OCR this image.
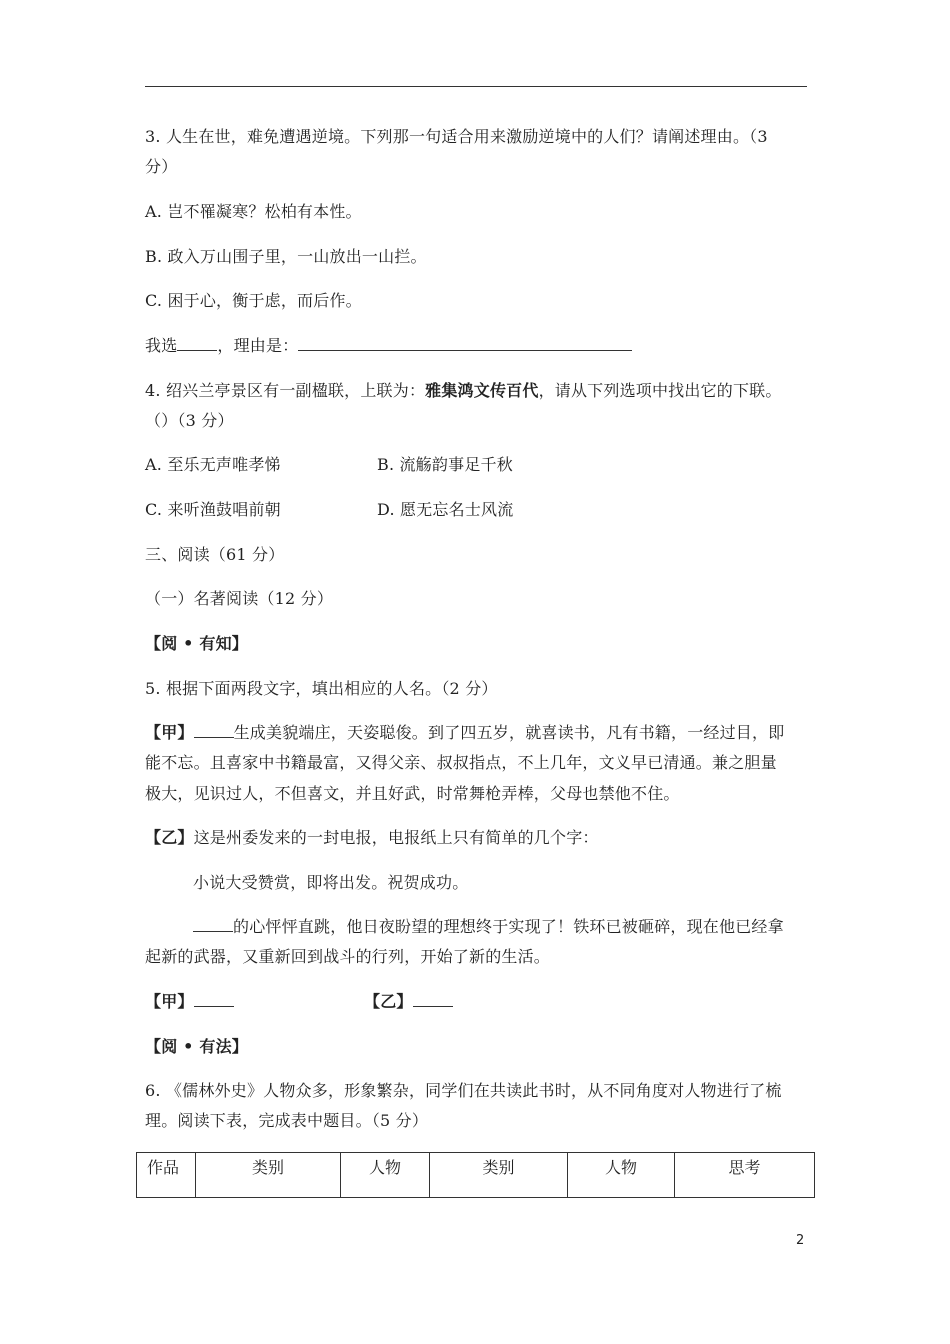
3. 人生在世，难免遭遇逆境。下列那一句适合用来激励逆境中的人们？请阐述理由。（3
分）
A. 岂不罹凝寒？松柏有本性。
B. 政入万山围子里，一山放出一山拦。
C. 困于心，衡于虑，而后作。
我选	，理由是：
4. 绍兴兰亭景区有一副楹联，上联为：雅集鸿文传百代，请从下列选项中找出它的下联。
（）（3 分）
A. 至乐无声唯孝悌	B. 流觞韵事足千秋
C. 来听渔鼓唱前朝	D. 愿无忘名士风流
三、阅读（61 分）
（一）名著阅读（12 分）
【阅 • 有知】
5. 根据下面两段文字，填出相应的人名。（2 分）
【甲】	生成美貌端庄，天姿聪俊。到了四五岁，就喜读书，凡有书籍，一经过目，即
能不忘。且喜家中书籍最富，又得父亲、叔叔指点，不上几年，文义早已清通。兼之胆量
极大，见识过人，不但喜文，并且好武，时常舞枪弄棒，父母也禁他不住。
【乙】这是州委发来的一封电报，电报纸上只有简单的几个字：
小说大受赞赏，即将出发。祝贺成功。
的心怦怦直跳，他日夜盼望的理想终于实现了！铁环已被砸碎，现在他已经拿
起新的武器，又重新回到战斗的行列，开始了新的生活。
【甲】	【乙】
【阅 • 有法】
6. 《儒林外史》人物众多，形象繁杂，同学们在共读此书时，从不同角度对人物进行了梳
理。阅读下表，完成表中题目。（5 分）
作品	类别	人物	类别	人物	思考
2
